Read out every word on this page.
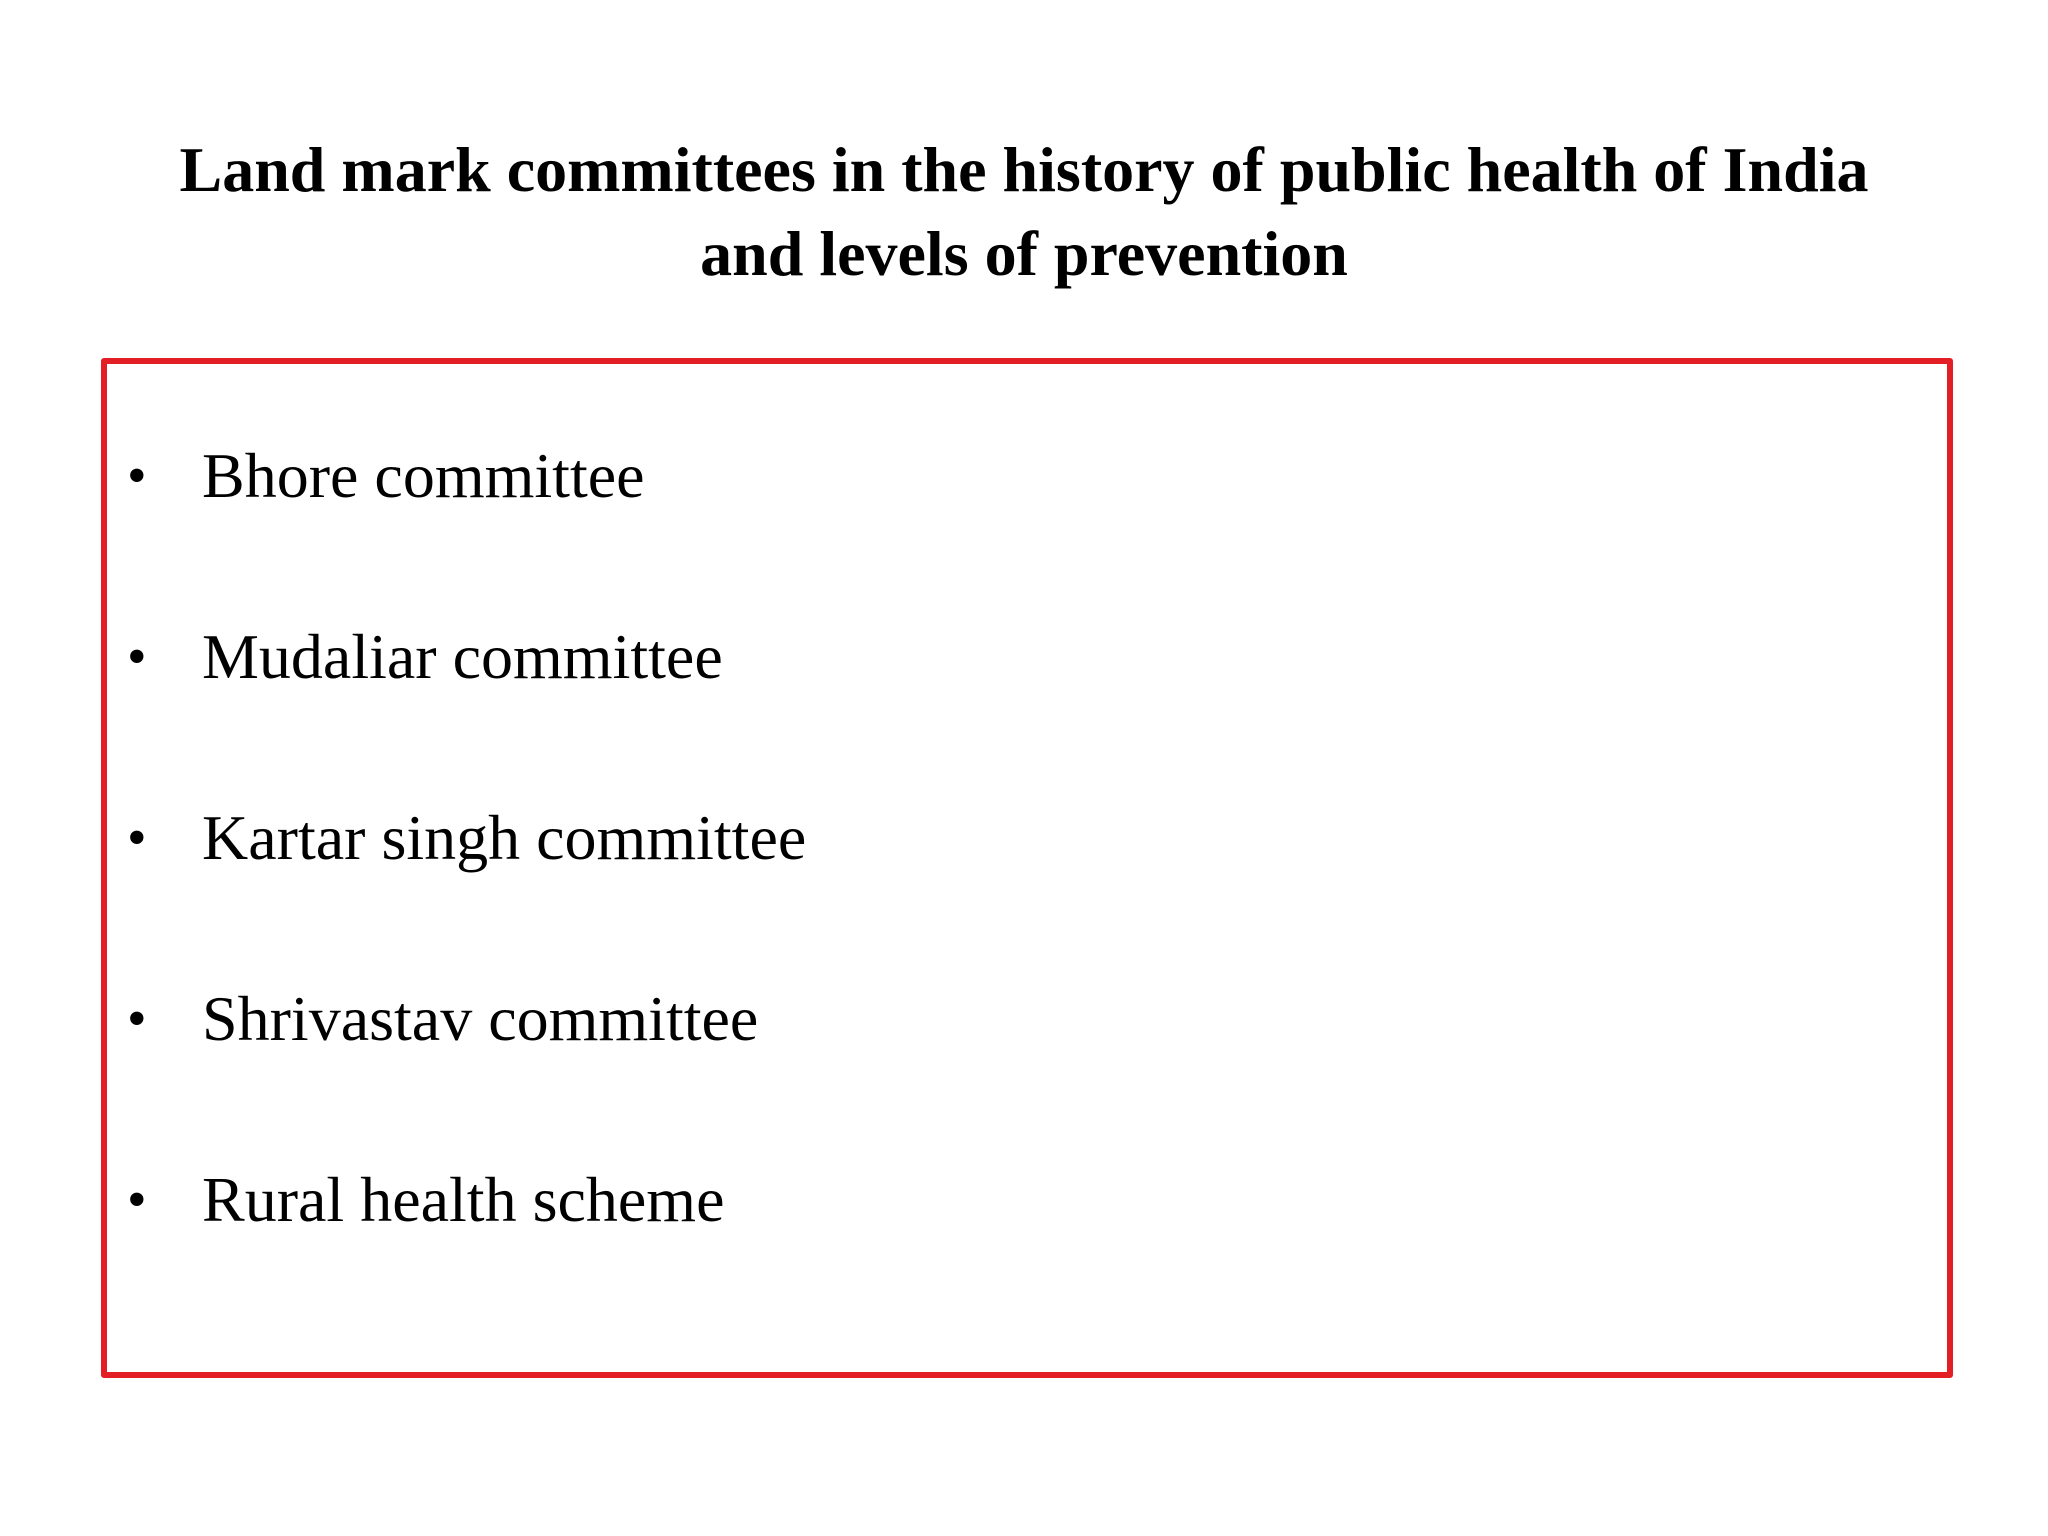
Land mark committees in the history of public health of India
and levels of prevention
• Bhore committee
• Mudaliar committee
• Kartar singh committee
• Shrivastav committee
• Rural health scheme
